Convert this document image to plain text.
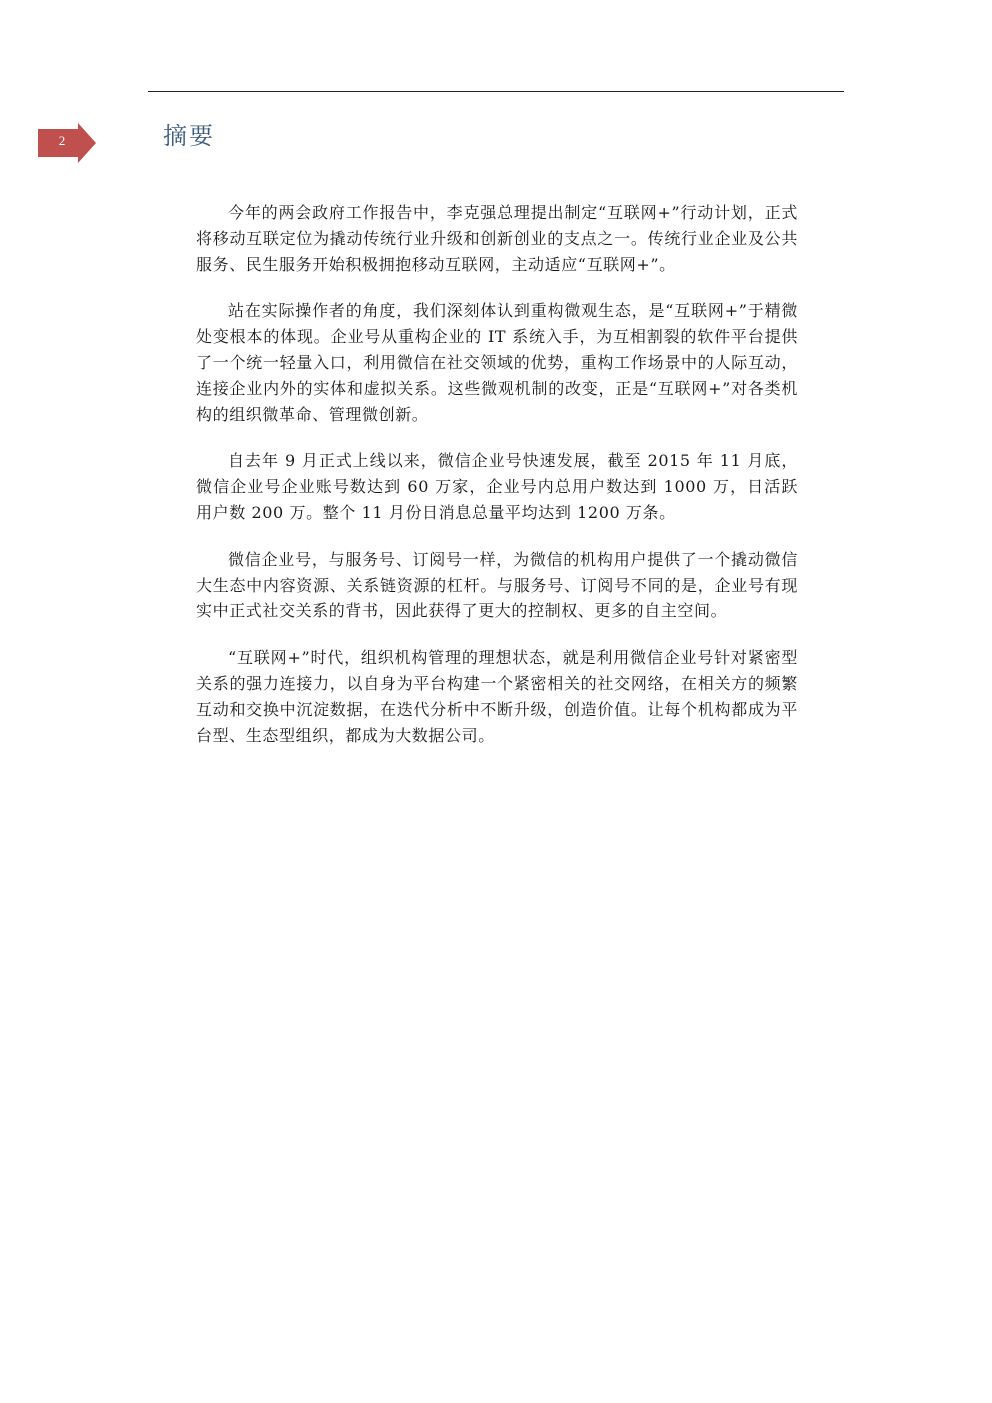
2	摘要

今年的两会政府工作报告中，李克强总理提出制定“互联网+”行动计划，正式将移动互联定位为撬动传统行业升级和创新创业的支点之一。传统行业企业及公共服务、民生服务开始积极拥抱移动互联网，主动适应“互联网+”。

站在实际操作者的角度，我们深刻体认到重构微观生态，是“互联网+”于精微处变根本的体现。企业号从重构企业的 IT 系统入手，为互相割裂的软件平台提供了一个统一轻量入口，利用微信在社交领域的优势，重构工作场景中的人际互动，连接企业内外的实体和虚拟关系。这些微观机制的改变，正是“互联网+”对各类机构的组织微革命、管理微创新。

自去年 9 月正式上线以来，微信企业号快速发展，截至 2015 年 11 月底，微信企业号企业账号数达到 60 万家，企业号内总用户数达到 1000 万，日活跃用户数 200 万。整个 11 月份日消息总量平均达到 1200 万条。

微信企业号，与服务号、订阅号一样，为微信的机构用户提供了一个撬动微信大生态中内容资源、关系链资源的杠杆。与服务号、订阅号不同的是，企业号有现实中正式社交关系的背书，因此获得了更大的控制权、更多的自主空间。

“互联网+”时代，组织机构管理的理想状态，就是利用微信企业号针对紧密型关系的强力连接力，以自身为平台构建一个紧密相关的社交网络，在相关方的频繁互动和交换中沉淀数据，在迭代分析中不断升级，创造价值。让每个机构都成为平台型、生态型组织，都成为大数据公司。
